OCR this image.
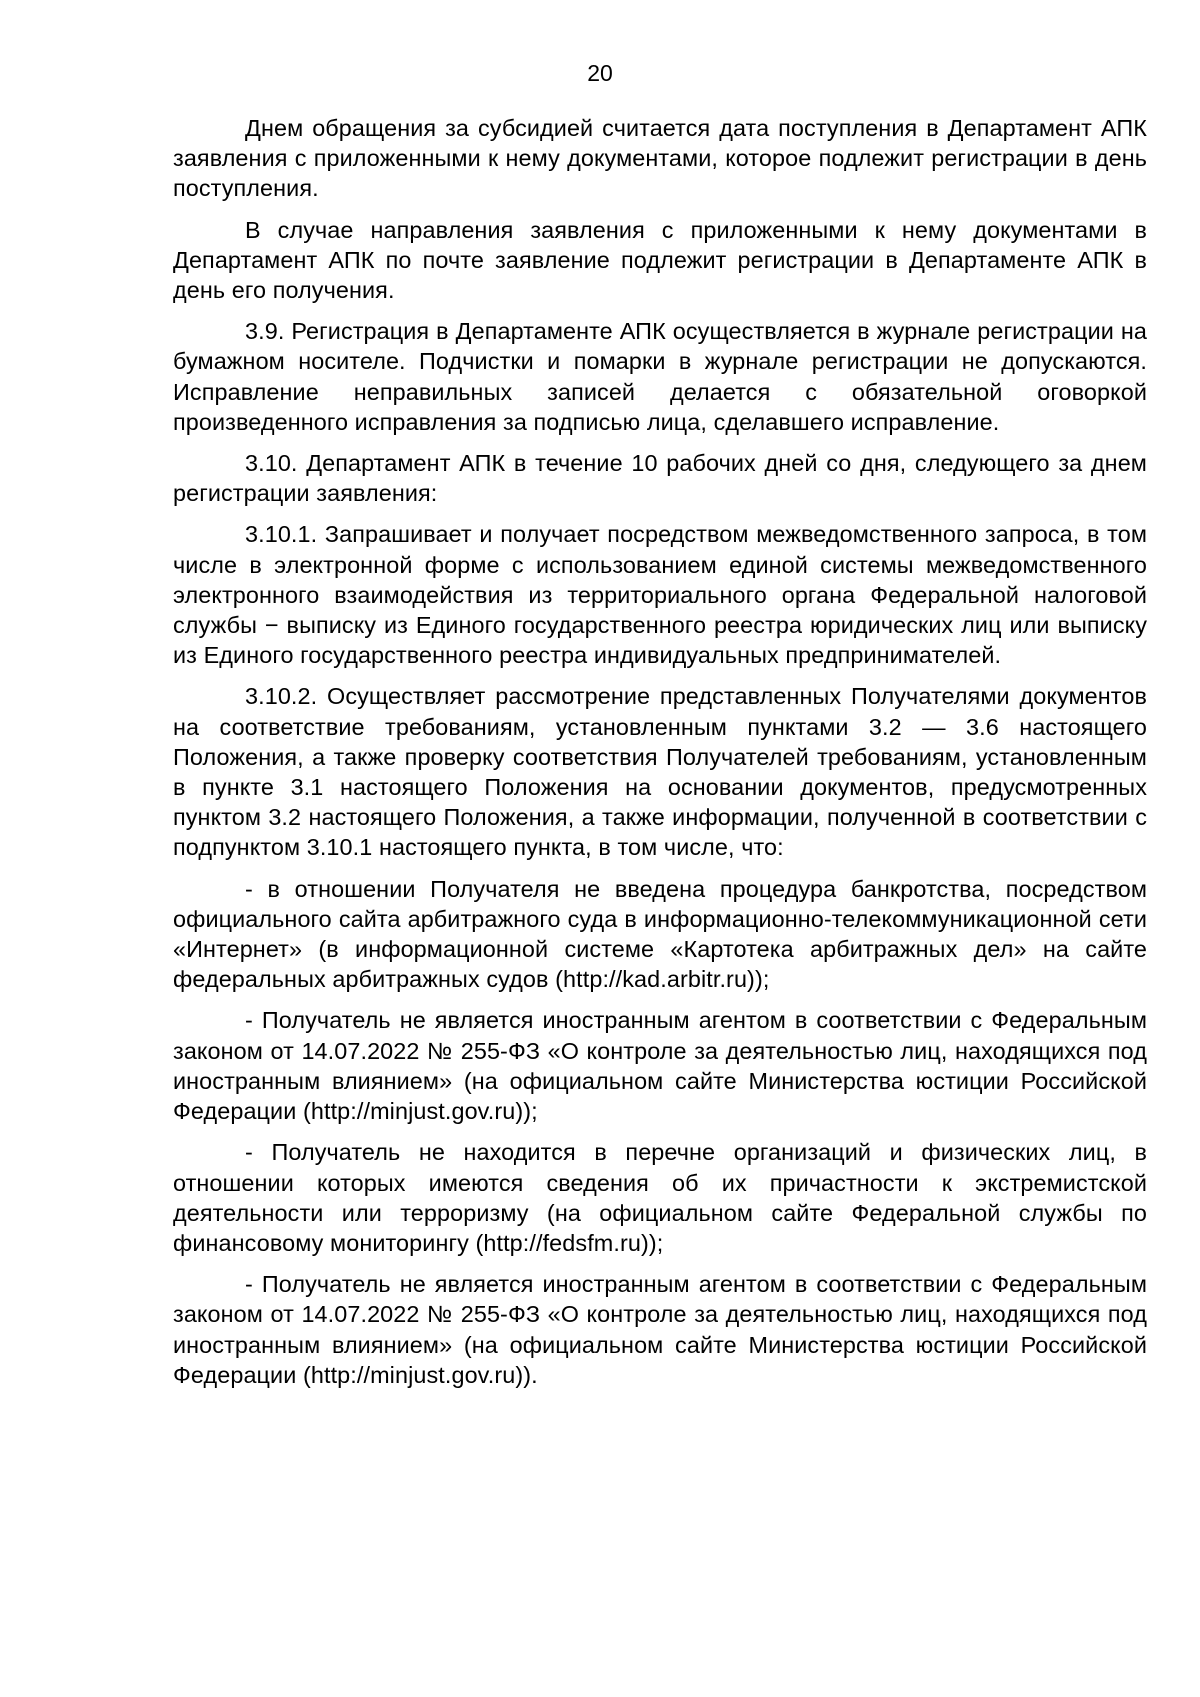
20

Днем обращения за субсидией считается дата поступления в Департамент АПК заявления с приложенными к нему документами, которое подлежит регистрации в день поступления.

В случае направления заявления с приложенными к нему документами в Департамент АПК по почте заявление подлежит регистрации в Департаменте АПК в день его получения.

3.9. Регистрация в Департаменте АПК осуществляется в журнале регистрации на бумажном носителе. Подчистки и помарки в журнале регистрации не допускаются. Исправление неправильных записей делается с обязательной оговоркой произведенного исправления за подписью лица, сделавшего исправление.

3.10. Департамент АПК в течение 10 рабочих дней со дня, следующего за днем регистрации заявления:

3.10.1. Запрашивает и получает посредством межведомственного запроса, в том числе в электронной форме с использованием единой системы межведомственного электронного взаимодействия из территориального органа Федеральной налоговой службы − выписку из Единого государственного реестра юридических лиц или выписку из Единого государственного реестра индивидуальных предпринимателей.

3.10.2. Осуществляет рассмотрение представленных Получателями документов на соответствие требованиям, установленным пунктами 3.2 — 3.6 настоящего Положения, а также проверку соответствия Получателей требованиям, установленным в пункте 3.1 настоящего Положения на основании документов, предусмотренных пунктом 3.2 настоящего Положения, а также информации, полученной в соответствии с подпунктом 3.10.1 настоящего пункта, в том числе, что:

- в отношении Получателя не введена процедура банкротства, посредством официального сайта арбитражного суда в информационно-телекоммуникационной сети «Интернет» (в информационной системе «Картотека арбитражных дел» на сайте федеральных арбитражных судов (http://kad.arbitr.ru));

- Получатель не является иностранным агентом в соответствии с Федеральным законом от 14.07.2022 № 255-ФЗ «О контроле за деятельностью лиц, находящихся под иностранным влиянием» (на официальном сайте Министерства юстиции Российской Федерации (http://minjust.gov.ru));

- Получатель не находится в перечне организаций и физических лиц, в отношении которых имеются сведения об их причастности к экстремистской деятельности или терроризму (на официальном сайте Федеральной службы по финансовому мониторингу (http://fedsfm.ru));

- Получатель не является иностранным агентом в соответствии с Федеральным законом от 14.07.2022 № 255-ФЗ «О контроле за деятельностью лиц, находящихся под иностранным влиянием» (на официальном сайте Министерства юстиции Российской Федерации (http://minjust.gov.ru)).
